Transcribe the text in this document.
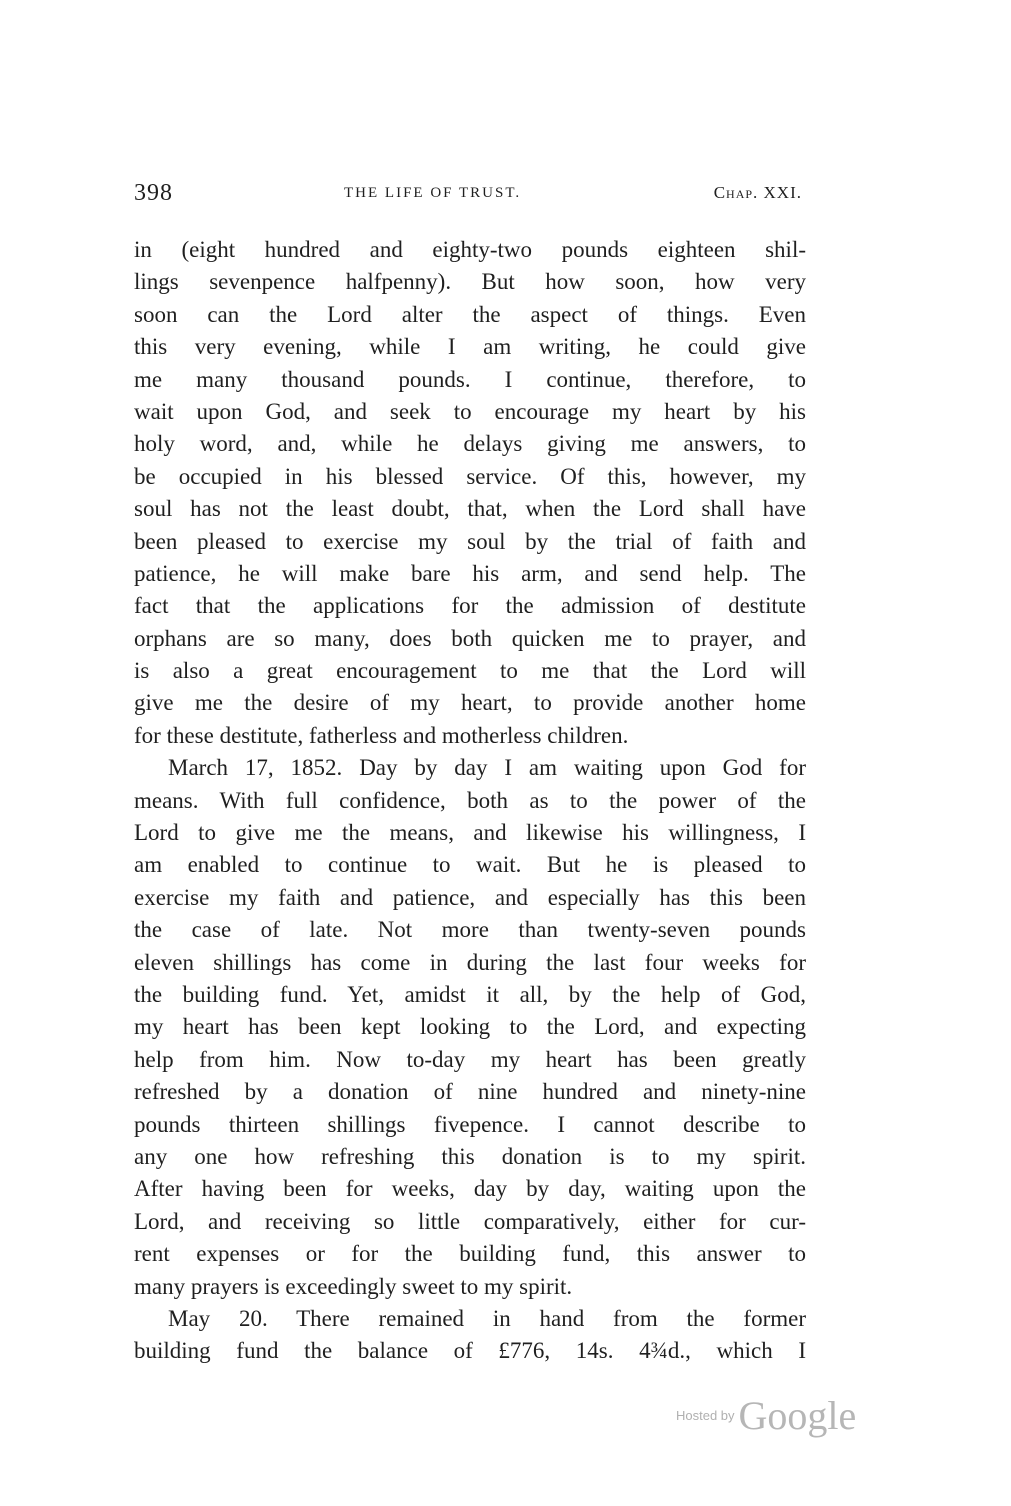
398	THE LIFE OF TRUST.	Chap. XXI.
in (eight hundred and eighty-two pounds eighteen shil-
lings sevenpence halfpenny). But how soon, how very
soon can the Lord alter the aspect of things. Even
this very evening, while I am writing, he could give
me many thousand pounds. I continue, therefore, to
wait upon God, and seek to encourage my heart by his
holy word, and, while he delays giving me answers, to
be occupied in his blessed service. Of this, however, my
soul has not the least doubt, that, when the Lord shall have
been pleased to exercise my soul by the trial of faith and
patience, he will make bare his arm, and send help. The
fact that the applications for the admission of destitute
orphans are so many, does both quicken me to prayer, and
is also a great encouragement to me that the Lord will
give me the desire of my heart, to provide another home
for these destitute, fatherless and motherless children.
March 17, 1852. Day by day I am waiting upon God for
means. With full confidence, both as to the power of the
Lord to give me the means, and likewise his willingness, I
am enabled to continue to wait. But he is pleased to
exercise my faith and patience, and especially has this been
the case of late. Not more than twenty-seven pounds
eleven shillings has come in during the last four weeks for
the building fund. Yet, amidst it all, by the help of God,
my heart has been kept looking to the Lord, and expecting
help from him. Now to-day my heart has been greatly
refreshed by a donation of nine hundred and ninety-nine
pounds thirteen shillings fivepence. I cannot describe to
any one how refreshing this donation is to my spirit.
After having been for weeks, day by day, waiting upon the
Lord, and receiving so little comparatively, either for cur-
rent expenses or for the building fund, this answer to
many prayers is exceedingly sweet to my spirit.
May 20. There remained in hand from the former
building fund the balance of £776, 14s. 4¾d., which I
Hosted by Google
